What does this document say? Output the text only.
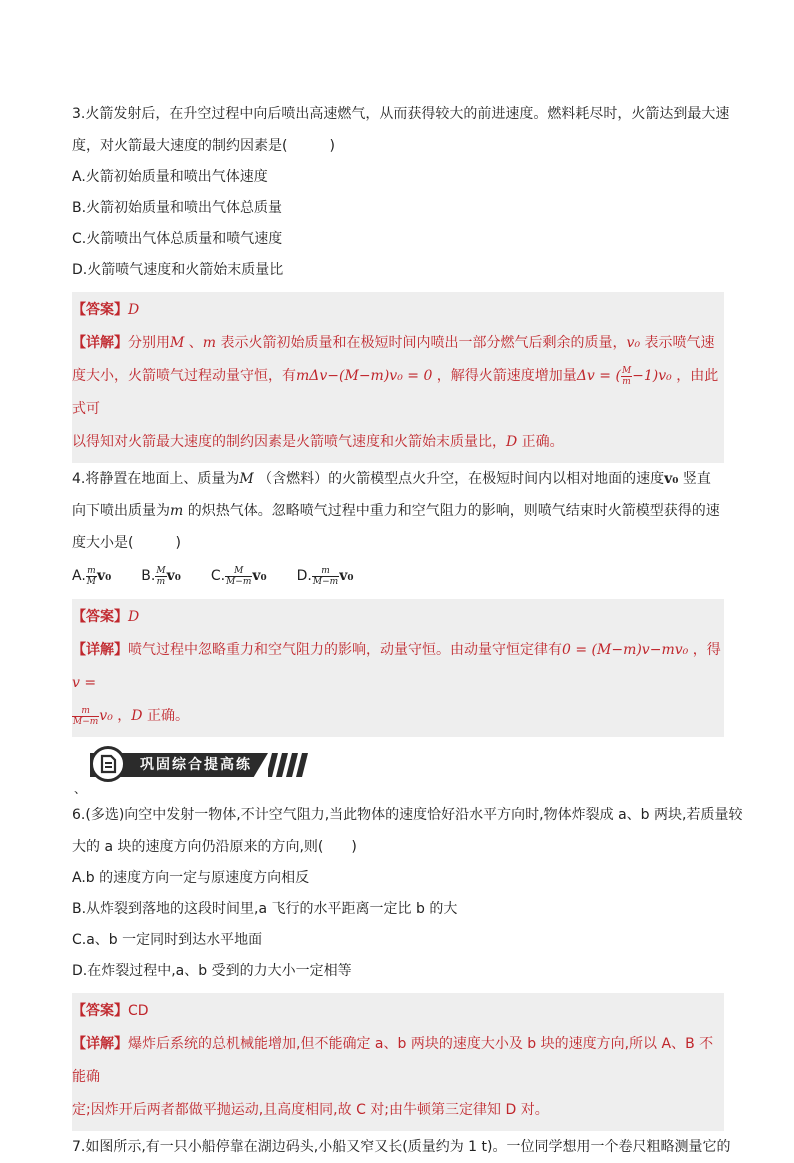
3.火箭发射后，在升空过程中向后喷出高速燃气，从而获得较大的前进速度。燃料耗尽时，火箭达到最大速
度，对火箭最大速度的制约因素是(　　　)
A.火箭初始质量和喷出气体速度
B.火箭初始质量和喷出气体总质量
C.火箭喷出气体总质量和喷气速度
D.火箭喷气速度和火箭始末质量比
【答案】D
【详解】分别用M 、m 表示火箭初始质量和在极短时间内喷出一部分燃气后剩余的质量，v₀ 表示喷气速
度大小，火箭喷气过程动量守恒，有mΔv−(M−m)v₀ = 0 ，解得火箭速度增加量Δv = ( $\frac{M}{m} -1)v_0$ ，由此式可
以得知对火箭最大速度的制约因素是火箭喷气速度和火箭始末质量比，D 正确。
4.将静置在地面上、质量为M （含燃料）的火箭模型点火升空，在极短时间内以相对地面的速度v₀ 竖直
向下喷出质量为m 的炽热气体。忽略喷气过程中重力和空气阻力的影响，则喷气结束时火箭模型获得的速
度大小是(　　　)
A. $\frac{m}{M} v_0$ B. $\frac{M}{m} v_0$ C. $\frac{M}{M-m} v_0$ D. $\frac{m}{M-m} v_0$
【答案】D
【详解】喷气过程中忽略重力和空气阻力的影响，动量守恒。由动量守恒定律有0 = (M−m)v−mv₀ ，得v =
$\frac{m}{M-m} v_0$ ，D 正确。
巩固综合提高练
、
6.(多选)向空中发射一物体,不计空气阻力,当此物体的速度恰好沿水平方向时,物体炸裂成 a、b 两块,若质量较
大的 a 块的速度方向仍沿原来的方向,则(　　)
A.b 的速度方向一定与原速度方向相反
B.从炸裂到落地的这段时间里,a 飞行的水平距离一定比 b 的大
C.a、b 一定同时到达水平地面
D.在炸裂过程中,a、b 受到的力大小一定相等
【答案】CD
【详解】爆炸后系统的总机械能增加,但不能确定 a、b 两块的速度大小及 b 块的速度方向,所以 A、B 不能确
定;因炸开后两者都做平抛运动,且高度相同,故 C 对;由牛顿第三定律知 D 对。
7.如图所示,有一只小船停靠在湖边码头,小船又窄又长(质量约为 1 t)。一位同学想用一个卷尺粗略测量它的
